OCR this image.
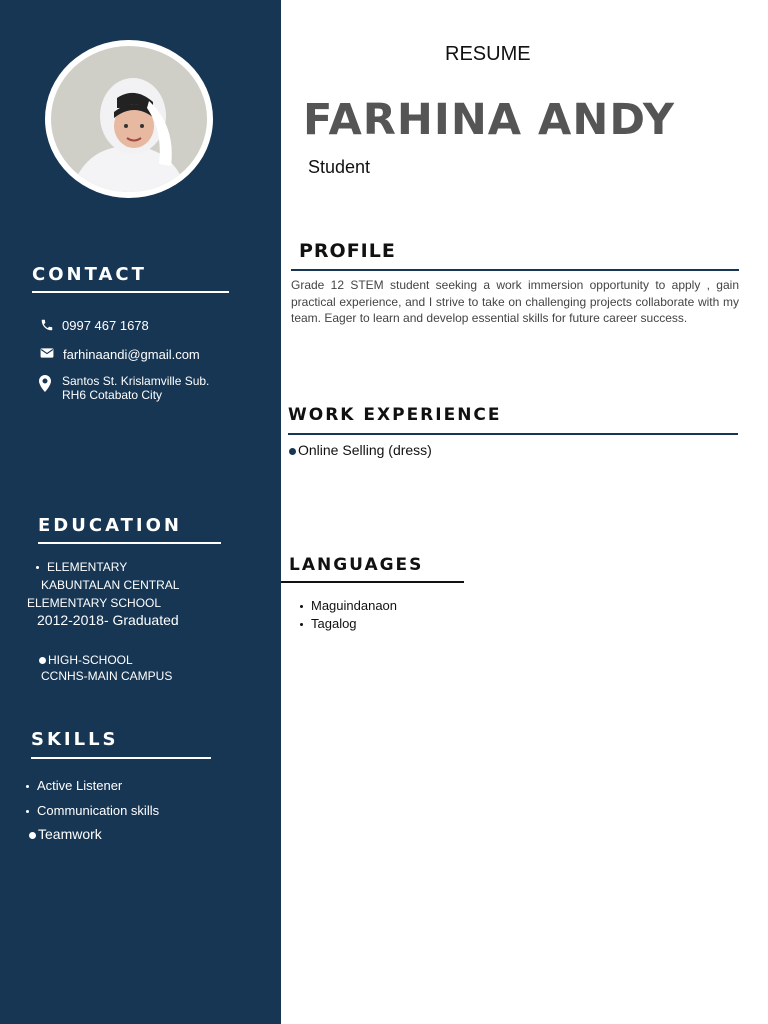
CONTACT
0997 467 1678
farhinaandi@gmail.com
Santos St. Krislamville Sub.
RH6 Cotabato City
EDUCATION
ELEMENTARY
KABUNTALAN CENTRAL
ELEMENTARY SCHOOL
2012-2018- Graduated
HIGH-SCHOOL
CCNHS-MAIN CAMPUS
SKILLS
Active Listener
Communication skills
Teamwork
RESUME
FARHINA ANDY
Student
PROFILE
Grade 12 STEM student seeking a work immersion opportunity to apply , gain practical experience, and I strive to take on challenging projects collaborate with my team. Eager to learn and develop essential skills for future career success.
WORK EXPERIENCE
Online Selling (dress)
LANGUAGES
Maguindanaon
Tagalog
